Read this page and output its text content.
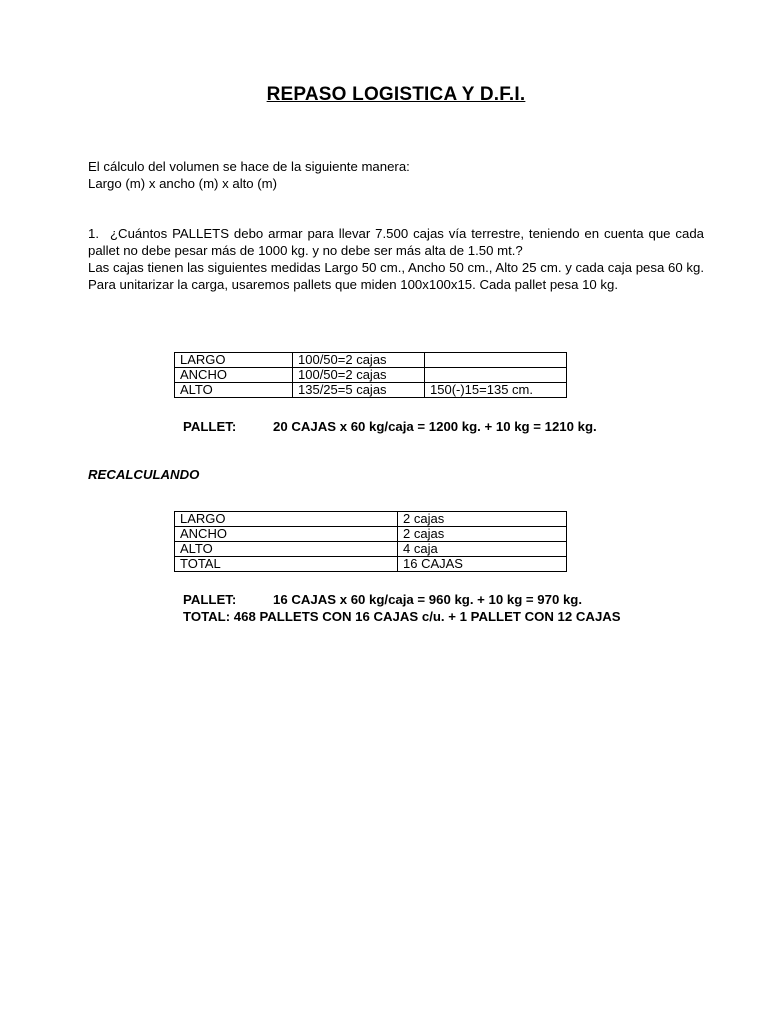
REPASO LOGISTICA Y D.F.I.
El cálculo del volumen se hace de la siguiente manera:
Largo (m) x ancho (m) x alto (m)

1. ¿Cuántos PALLETS debo armar para llevar 7.500 cajas vía terrestre, teniendo en cuenta que cada pallet no debe pesar más de 1000 kg. y no debe ser más alta de 1.50 mt.?

Las cajas tienen las siguientes medidas Largo 50 cm., Ancho 50 cm., Alto 25 cm. y cada caja pesa 60 kg. Para unitarizar la carga, usaremos pallets que miden 100x100x15. Cada pallet pesa 10 kg.

LARGO	100/50=2 cajas	
ANCHO	100/50=2 cajas	
ALTO	135/25=5 cajas	150(-)15=135 cm.
PALLET:	20 CAJAS x 60 kg/caja = 1200 kg. + 10 kg = 1210 kg.
RECALCULANDO
LARGO	2 cajas
ANCHO	2 cajas
ALTO	4 caja
TOTAL	16 CAJAS
PALLET:	16 CAJAS x 60 kg/caja = 960 kg. + 10 kg = 970 kg.
TOTAL: 468 PALLETS CON 16 CAJAS c/u. + 1 PALLET CON 12 CAJAS
